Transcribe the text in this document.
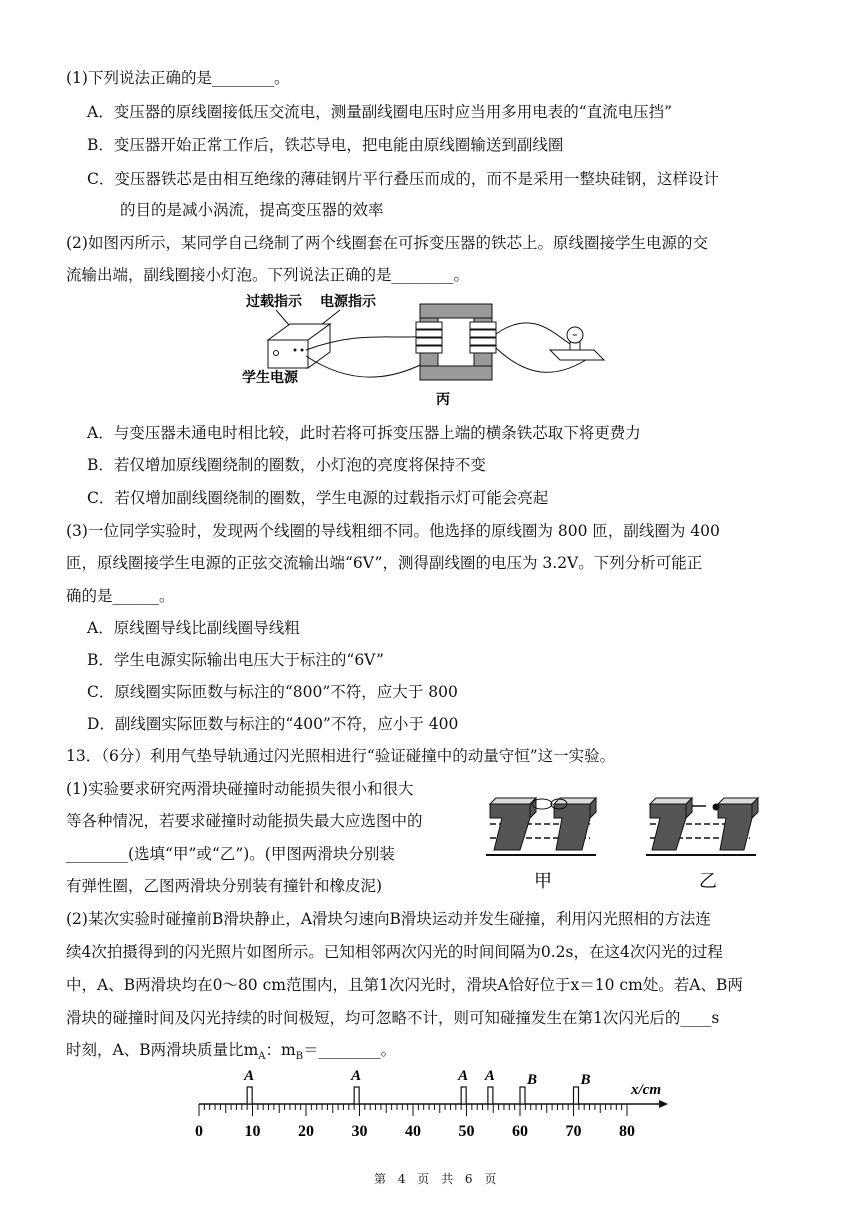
(1)下列说法正确的是________。
A．变压器的原线圈接低压交流电，测量副线圈电压时应当用多用电表的“直流电压挡”
B．变压器开始正常工作后，铁芯导电，把电能由原线圈输送到副线圈
C．变压器铁芯是由相互绝缘的薄硅钢片平行叠压而成的，而不是采用一整块硅钢，这样设计
的目的是减小涡流，提高变压器的效率
(2)如图丙所示，某同学自己绕制了两个线圈套在可拆变压器的铁芯上。原线圈接学生电源的交
流输出端，副线圈接小灯泡。下列说法正确的是________。
过载指示 电源指示
学生电源
丙
A．与变压器未通电时相比较，此时若将可拆变压器上端的横条铁芯取下将更费力
B．若仅增加原线圈绕制的圈数，小灯泡的亮度将保持不变
C．若仅增加副线圈绕制的圈数，学生电源的过载指示灯可能会亮起
(3)一位同学实验时，发现两个线圈的导线粗细不同。他选择的原线圈为 800 匝，副线圈为 400
匝，原线圈接学生电源的正弦交流输出端“6V”，测得副线圈的电压为 3.2V。下列分析可能正
确的是______。
A．原线圈导线比副线圈导线粗
B．学生电源实际输出电压大于标注的“6V”
C．原线圈实际匝数与标注的“800”不符，应大于 800
D．副线圈实际匝数与标注的“400”不符，应小于 400
13．（6分）利用气垫导轨通过闪光照相进行“验证碰撞中的动量守恒”这一实验。
(1)实验要求研究两滑块碰撞时动能损失很小和很大
等各种情况，若要求碰撞时动能损失最大应选图中的
________(选填“甲”或“乙”)。(甲图两滑块分别装
有弹性圈，乙图两滑块分别装有撞针和橡皮泥)	甲	乙
(2)某次实验时碰撞前B滑块静止，A滑块匀速向B滑块运动并发生碰撞，利用闪光照相的方法连
续4次拍摄得到的闪光照片如图所示。已知相邻两次闪光的时间间隔为0.2s，在这4次闪光的过程
中，A、B两滑块均在0～80 cm范围内，且第1次闪光时，滑块A恰好位于x＝10 cm处。若A、B两
滑块的碰撞时间及闪光持续的时间极短，均可忽略不计，则可知碰撞发生在第1次闪光后的____s
时刻，A、B两滑块质量比$m_A$：$m_B=\_\_\_\_\_\_\_\_$。
0	10 20 30 40 50 60 70 80
x/cm
A	A	A A B	B
第 4 页 共 6 页
